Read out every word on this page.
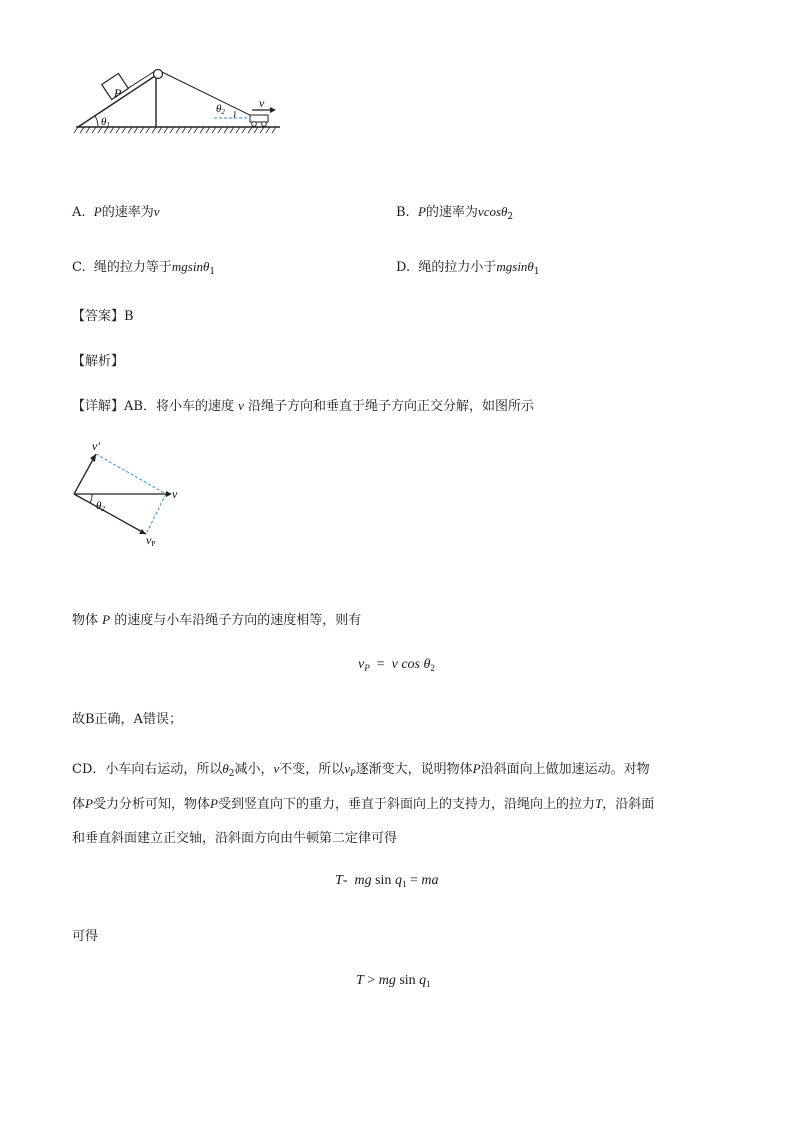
P
θ1
θ2
v
A. P的速率为v	B. P的速率为vcosθ$_2$
C. 绳的拉力等于mgsinθ$_1$	D. 绳的拉力小于mgsinθ$_1$
【答案】B
【解析】
【详解】AB．将小车的速度 v 沿绳子方向和垂直于绳子方向正交分解，如图所示
v′
v
θ2
vP
物体 P 的速度与小车沿绳子方向的速度相等，则有
$v_P = v$ $\cos \theta_2$
故B正确，A错误；
CD．小车向右运动，所以$\theta_2$减小，v不变，所以$v_P$逐渐变大，说明物体P沿斜面向上做加速运动。对物
体P受力分析可知，物体P受到竖直向下的重力，垂直于斜面向上的支持力，沿绳向上的拉力T，沿斜面
和垂直斜面建立正交轴，沿斜面方向由牛顿第二定律可得
T- mg $\sin q_1$ = ma
可得
T > mg $\sin q_1$
